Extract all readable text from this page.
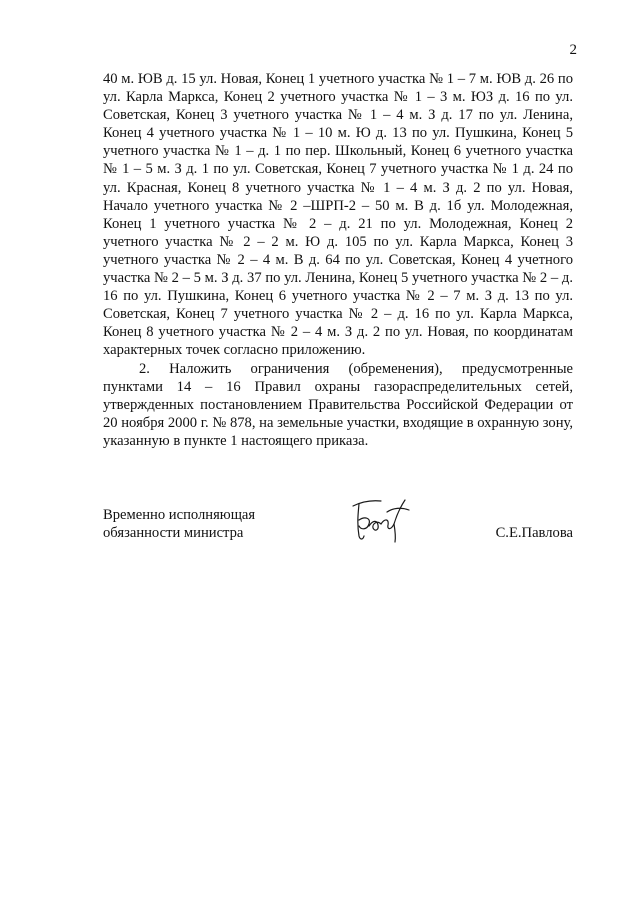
2

40 м. ЮВ д. 15 ул. Новая, Конец 1 учетного участка № 1 – 7 м. ЮВ д. 26 по ул. Карла Маркса, Конец 2 учетного участка № 1 – 3 м. ЮЗ д. 16 по ул. Советская, Конец 3 учетного участка № 1 – 4 м. З д. 17 по ул. Ленина, Конец 4 учетного участка № 1 – 10 м. Ю д. 13 по ул. Пушкина, Конец 5 учетного участка № 1 – д. 1 по пер. Школьный, Конец 6 учетного участка № 1 – 5 м. З д. 1 по ул. Советская, Конец 7 учетного участка № 1 д. 24 по ул. Красная, Конец 8 учетного участка № 1 – 4 м. З д. 2 по ул. Новая, Начало учетного участка № 2 –ШРП-2 – 50 м. В д. 1б ул. Молодежная, Конец 1 учетного участка № 2 – д. 21 по ул. Молодежная, Конец 2 учетного участка № 2 – 2 м. Ю д. 105 по ул. Карла Маркса, Конец 3 учетного участка № 2 – 4 м. В д. 64 по ул. Советская, Конец 4 учетного участка № 2 – 5 м. З д. 37 по ул. Ленина, Конец 5 учетного участка № 2 – д. 16 по ул. Пушкина, Конец 6 учетного участка № 2 – 7 м. З д. 13 по ул. Советская, Конец 7 учетного участка № 2 – д. 16 по ул. Карла Маркса, Конец 8 учетного участка № 2 – 4 м. З д. 2 по ул. Новая, по координатам характерных точек согласно приложению.

2. Наложить ограничения (обременения), предусмотренные пунктами 14 – 16 Правил охраны газораспределительных сетей, утвержденных постановлением Правительства Российской Федерации от 20 ноября 2000 г. № 878, на земельные участки, входящие в охранную зону, указанную в пункте 1 настоящего приказа.

Временно исполняющая
обязанности министра	С.Е.Павлова
